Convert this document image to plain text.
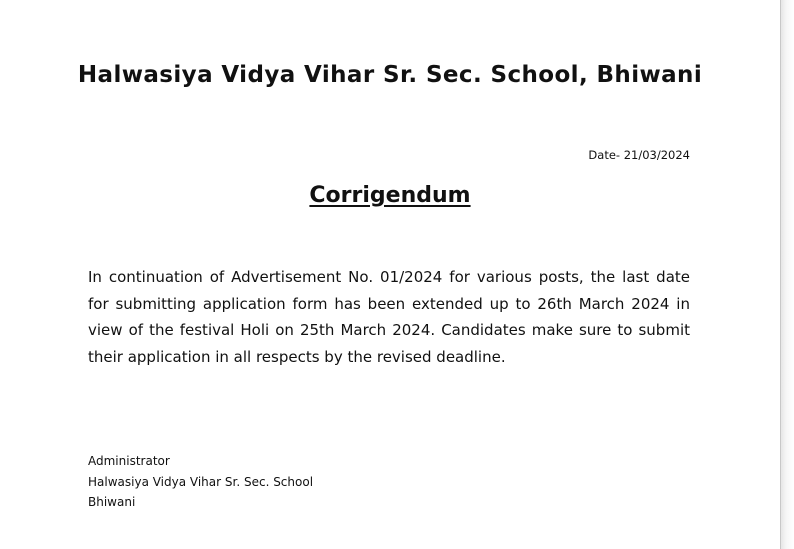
Halwasiya Vidya Vihar Sr. Sec. School, Bhiwani
Date- 21/03/2024
Corrigendum

In continuation of Advertisement No. 01/2024 for various posts, the last date for submitting application form has been extended up to 26th March 2024 in view of the festival Holi on 25th March 2024. Candidates make sure to submit their application in all respects by the revised deadline.

Administrator
Halwasiya Vidya Vihar Sr. Sec. School
Bhiwani
